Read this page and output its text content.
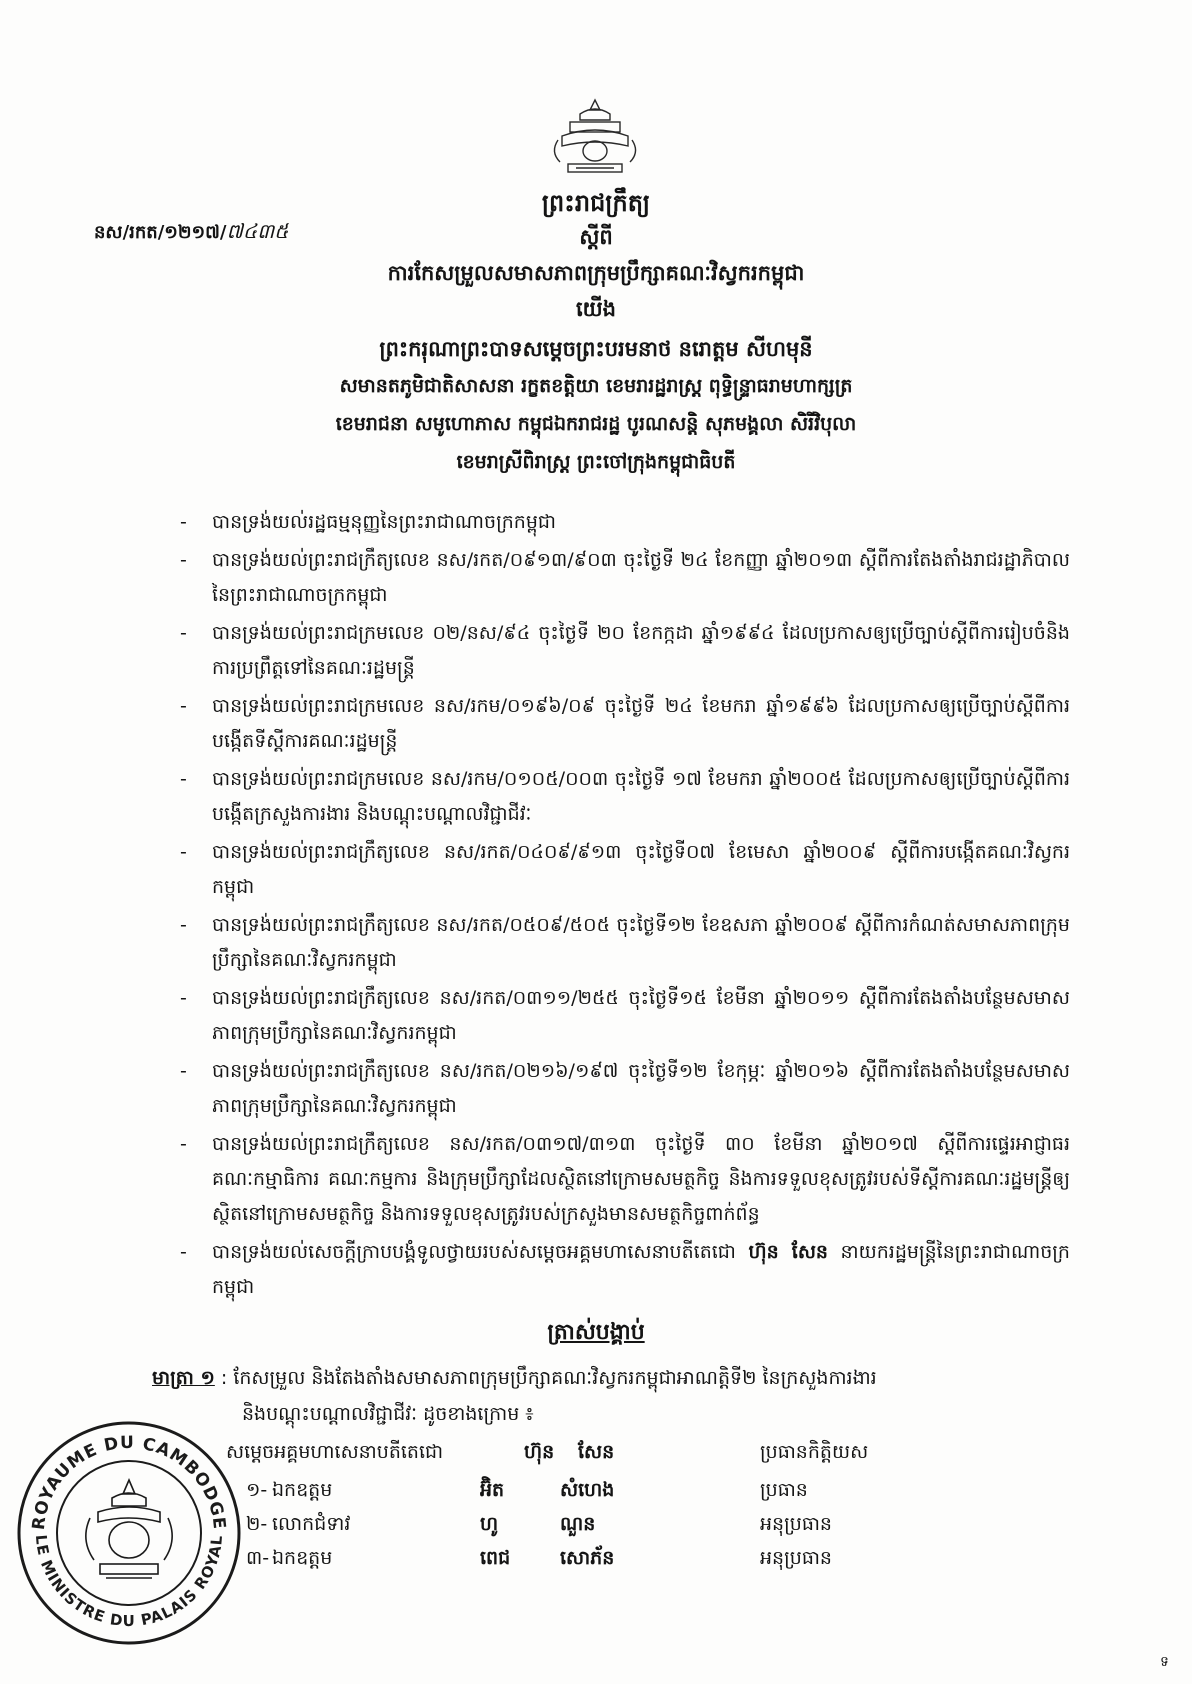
នស/រកត/១២១៧/៧៤៣៥
ព្រះរាជក្រឹត្យ
ស្ដីពី
ការកែសម្រួលសមាសភាពក្រុមប្រឹក្សាគណៈវិស្វករកម្ពុជា
យើង
ព្រះករុណាព្រះបាទសម្ដេចព្រះបរមនាថ នរោត្ដម សីហមុនី
សមានតភូមិជាតិសាសនា រក្ខតខត្តិយា ខេមរារដ្ឋរាស្ដ្រ ពុទ្ធិន្ទ្រាធរាមហាក្សត្រ
ខេមរាជនា សមូហោភាស កម្ពុជឯករាជរដ្ឋ បូរណសន្ដិ សុភមង្គលា សិរីវិបុលា
ខេមរាស្រីពិរាស្ដ្រ ព្រះចៅក្រុងកម្ពុជាធិបតី
- បានទ្រង់យល់រដ្ឋធម្មនុញ្ញនៃព្រះរាជាណាចក្រកម្ពុជា
- បានទ្រង់យល់ព្រះរាជក្រឹត្យលេខ នស/រកត/០៩១៣/៩០៣ ចុះថ្ងៃទី ២៤ ខែកញ្ញា ឆ្នាំ២០១៣ ស្ដីពីការតែងតាំងរាជរដ្ឋាភិបាលនៃព្រះរាជាណាចក្រកម្ពុជា
- បានទ្រង់យល់ព្រះរាជក្រមលេខ ០២/នស/៩៤ ចុះថ្ងៃទី ២០ ខែកក្កដា ឆ្នាំ១៩៩៤ ដែលប្រកាសឲ្យប្រើច្បាប់ស្ដីពីការរៀបចំនិងការប្រព្រឹត្តទៅនៃគណៈរដ្ឋមន្ត្រី
- បានទ្រង់យល់ព្រះរាជក្រមលេខ នស/រកម/០១៩៦/០៩ ចុះថ្ងៃទី ២៤ ខែមករា ឆ្នាំ១៩៩៦ ដែលប្រកាសឲ្យប្រើច្បាប់ស្ដីពីការបង្កើតទីស្ដីការគណៈរដ្ឋមន្ត្រី
- បានទ្រង់យល់ព្រះរាជក្រមលេខ នស/រកម/០១០៥/០០៣ ចុះថ្ងៃទី ១៧ ខែមករា ឆ្នាំ២០០៥ ដែលប្រកាសឲ្យប្រើច្បាប់ស្ដីពីការបង្កើតក្រសួងការងារ និងបណ្ដុះបណ្ដាលវិជ្ជាជីវៈ
- បានទ្រង់យល់ព្រះរាជក្រឹត្យលេខ នស/រកត/០៤០៩/៩១៣ ចុះថ្ងៃទី០៧ ខែមេសា ឆ្នាំ២០០៩ ស្ដីពីការបង្កើតគណៈវិស្វករកម្ពុជា
- បានទ្រង់យល់ព្រះរាជក្រឹត្យលេខ នស/រកត/០៥០៩/៥០៥ ចុះថ្ងៃទី១២ ខែឧសភា ឆ្នាំ២០០៩ ស្ដីពីការកំណត់សមាសភាពក្រុមប្រឹក្សានៃគណៈវិស្វករកម្ពុជា
- បានទ្រង់យល់ព្រះរាជក្រឹត្យលេខ នស/រកត/០៣១១/២៥៥ ចុះថ្ងៃទី១៥ ខែមីនា ឆ្នាំ២០១១ ស្ដីពីការតែងតាំងបន្ថែមសមាសភាពក្រុមប្រឹក្សានៃគណៈវិស្វករកម្ពុជា
- បានទ្រង់យល់ព្រះរាជក្រឹត្យលេខ នស/រកត/០២១៦/១៩៧ ចុះថ្ងៃទី១២ ខែកុម្ភៈ ឆ្នាំ២០១៦ ស្ដីពីការតែងតាំងបន្ថែមសមាសភាពក្រុមប្រឹក្សានៃគណៈវិស្វករកម្ពុជា
- បានទ្រង់យល់ព្រះរាជក្រឹត្យលេខ នស/រកត/០៣១៧/៣១៣ ចុះថ្ងៃទី ៣០ ខែមីនា ឆ្នាំ២០១៧ ស្ដីពីការផ្ទេរអាជ្ញាធរ គណៈកម្មាធិការ គណៈកម្មការ និងក្រុមប្រឹក្សាដែលស្ថិតនៅក្រោមសមត្ថកិច្ច និងការទទួលខុសត្រូវរបស់ទីស្ដីការគណៈរដ្ឋមន្ត្រីឲ្យស្ថិតនៅក្រោមសមត្ថកិច្ច និងការទទួលខុសត្រូវរបស់ក្រសួងមានសមត្ថកិច្ចពាក់ព័ន្ធ
- បានទ្រង់យល់សេចក្ដីក្រាបបង្គំទូលថ្វាយរបស់សម្ដេចអគ្គមហាសេនាបតីតេជោ ហ៊ុន សែន នាយករដ្ឋមន្ត្រីនៃព្រះរាជាណាចក្រកម្ពុជា
ត្រាស់បង្គាប់
មាត្រា ១ : កែសម្រួល និងតែងតាំងសមាសភាពក្រុមប្រឹក្សាគណៈវិស្វករកម្ពុជាអាណត្តិទី២ នៃក្រសួងការងារ
និងបណ្ដុះបណ្ដាលវិជ្ជាជីវៈ ដូចខាងក្រោម ៖
សម្ដេចអគ្គមហាសេនាបតីតេជោ	ហ៊ុន សែន	ប្រធានកិត្តិយស
១- ឯកឧត្ដម	អ៊ិត	សំហេង	ប្រធាន
២- លោកជំទាវ	ហូ	ណួន	អនុប្រធាន
៣- ឯកឧត្ដម	ពេជ	សោភ័ន	អនុប្រធាន
ROYAUME DU CAMBODGE
LE MINISTRE DU PALAIS ROYAL
ទ
